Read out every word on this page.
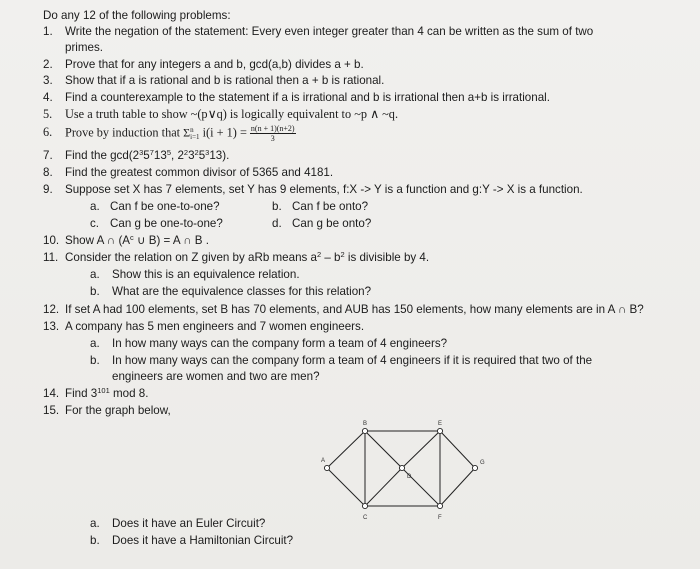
Do any 12 of the following problems:
1. Write the negation of the statement: Every even integer greater than 4 can be written as the sum of two
primes.
2. Prove that for any integers a and b, gcd(a,b) divides a + b.
3. Show that if a is rational and b is rational then a + b is rational.
4. Find a counterexample to the statement if a is irrational and b is irrational then a+b is irrational.
5. Use a truth table to show ~(p∨q) is logically equivalent to ~p ∧ ~q.
6. Prove by induction that Σn
i=1 $i(i + 1) = \frac{n(n + 1)(n+2)}{3}$
7. Find the $\gcd(2^35^713^5$, $2^23^25^313$).
8. Find the greatest common divisor of 5365 and 4181.
9. Suppose set X has 7 elements, set Y has 9 elements, f:X -> Y is a function and g:Y -> X is a function.
a. Can f be one-to-one?	b. Can f be onto?
c. Can g be one-to-one?	d. Can g be onto?
10. Show A ∩ ($A^c$ ∪ B) = A ∩ B .
11. Consider the relation on Z given by aRb means $a^2 - b^2$ is divisible by 4.
a. Show this is an equivalence relation.
b. What are the equivalence classes for this relation?
12. If set A had 100 elements, set B has 70 elements, and AUB has 150 elements, how many elements are in A ∩ B?
13. A company has 5 men engineers and 7 women engineers.
a. In how many ways can the company form a team of 4 engineers?
b. In how many ways can the company form a team of 4 engineers if it is required that two of the
engineers are women and two are men?
14. Find $3^{101}$ mod 8.
15. For the graph below,
A
B
C
D
E
F
G
a. Does it have an Euler Circuit?
b. Does it have a Hamiltonian Circuit?
